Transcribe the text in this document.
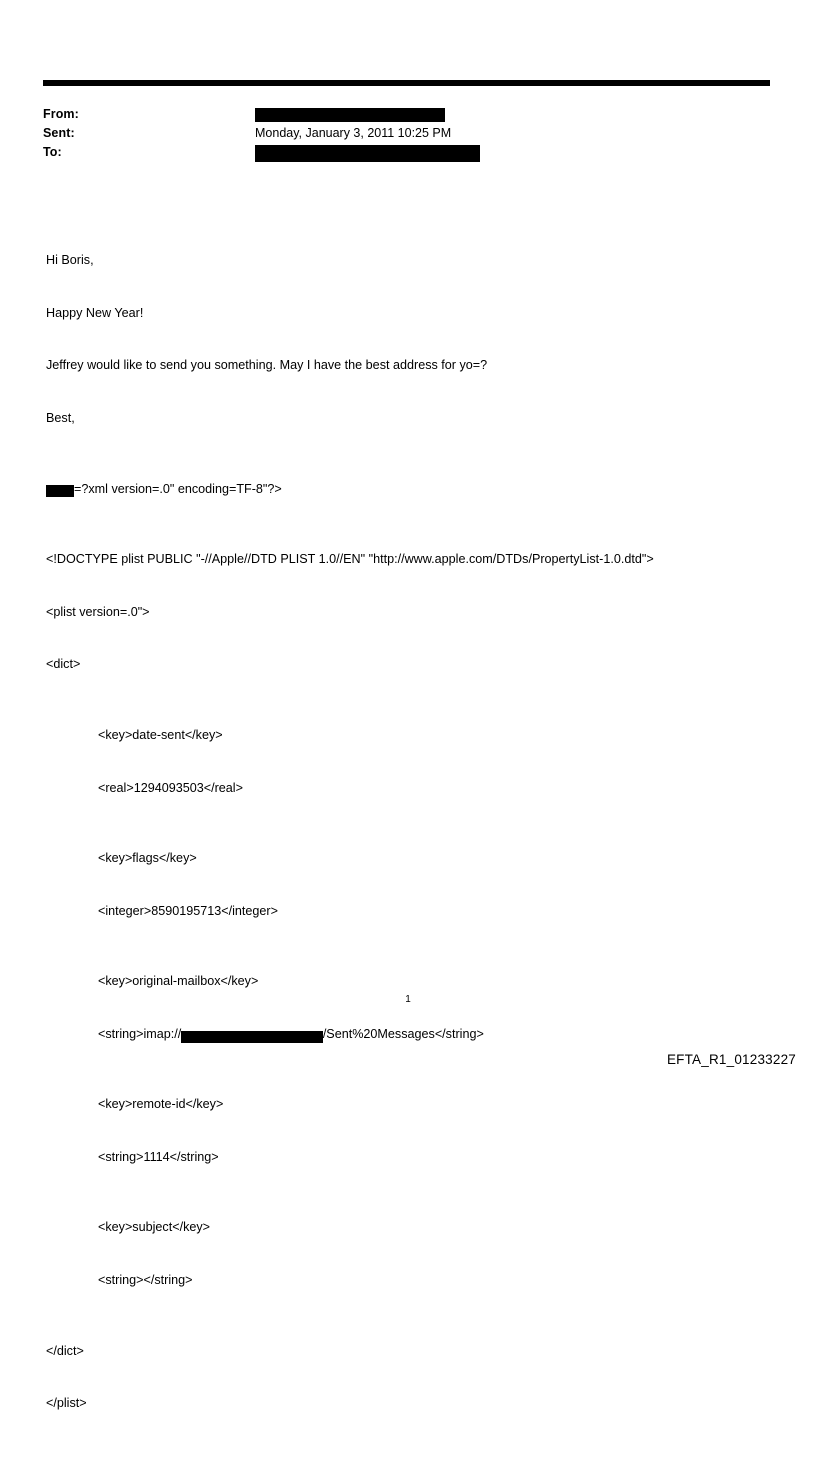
From:
Sent:	Monday, January 3, 2011 10:25 PM
To:

Hi Boris,

Happy New Year!

Jeffrey would like to send you something. May I have the best address for yo=?

Best,

=?xml version=.0" encoding=TF-8"?>

<!DOCTYPE plist PUBLIC "-//Apple//DTD PLIST 1.0//EN" "http://www.apple.com/DTDs/PropertyList-1.0.dtd">

<plist version=.0">

<dict>

<key>date-sent</key>

<real>1294093503</real>

<key>flags</key>

<integer>8590195713</integer>

<key>original-mailbox</key>

<string>imap://	/Sent%20Messages</string>

<key>remote-id</key>

<string>1114</string>

<key>subject</key>

<string></string>

</dict>

</plist>

1
EFTA_R1_01233227
